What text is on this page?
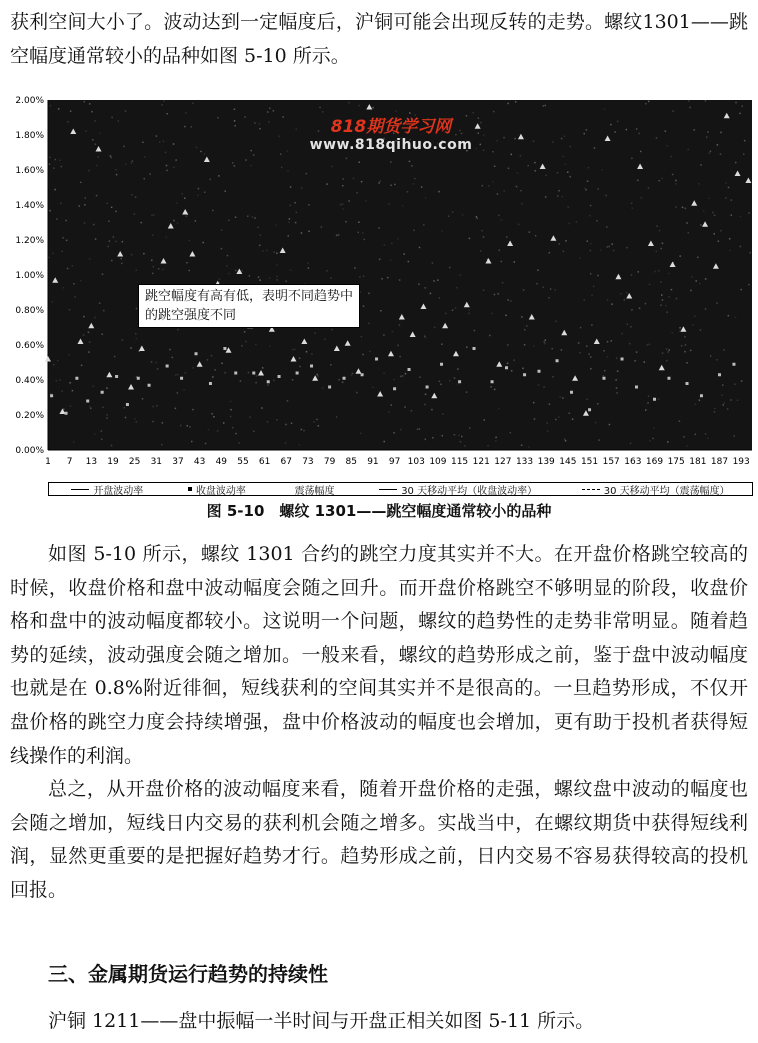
获利空间大小了。波动达到一定幅度后，沪铜可能会出现反转的走势。螺纹1301——跳空幅度通常较小的品种如图 5-10 所示。

0.00%
0.20%
0.40%
0.60%
0.80%
1.00%
1.20%
1.40%
1.60%
1.80%
2.00%
1 7 13 19 25 31 37 43 49 55 61 67 73 79 85 91 97 103 109 115 121 127 133 139 145 151 157 163 169 175 181 187 193
818期货学习网
www.818qihuo.com
跳空幅度有高有低，表明不同趋势中的跳空强度不同
开盘波动率	收盘波动率	震荡幅度	30 天移动平均（收盘波动率）	30 天移动平均（震荡幅度）
图 5-10　螺纹 1301——跳空幅度通常较小的品种

如图 5-10 所示，螺纹 1301 合约的跳空力度其实并不大。在开盘价格跳空较高的时候，收盘价格和盘中波动幅度会随之回升。而开盘价格跳空不够明显的阶段，收盘价格和盘中的波动幅度都较小。这说明一个问题，螺纹的趋势性的走势非常明显。随着趋势的延续，波动强度会随之增加。一般来看，螺纹的趋势形成之前，鉴于盘中波动幅度也就是在 0.8%附近徘徊，短线获利的空间其实并不是很高的。一旦趋势形成，不仅开盘价格的跳空力度会持续增强，盘中价格波动的幅度也会增加，更有助于投机者获得短线操作的利润。

总之，从开盘价格的波动幅度来看，随着开盘价格的走强，螺纹盘中波动的幅度也会随之增加，短线日内交易的获利机会随之增多。实战当中，在螺纹期货中获得短线利润，显然更重要的是把握好趋势才行。趋势形成之前，日内交易不容易获得较高的投机回报。

三、金属期货运行趋势的持续性

沪铜 1211——盘中振幅一半时间与开盘正相关如图 5-11 所示。
